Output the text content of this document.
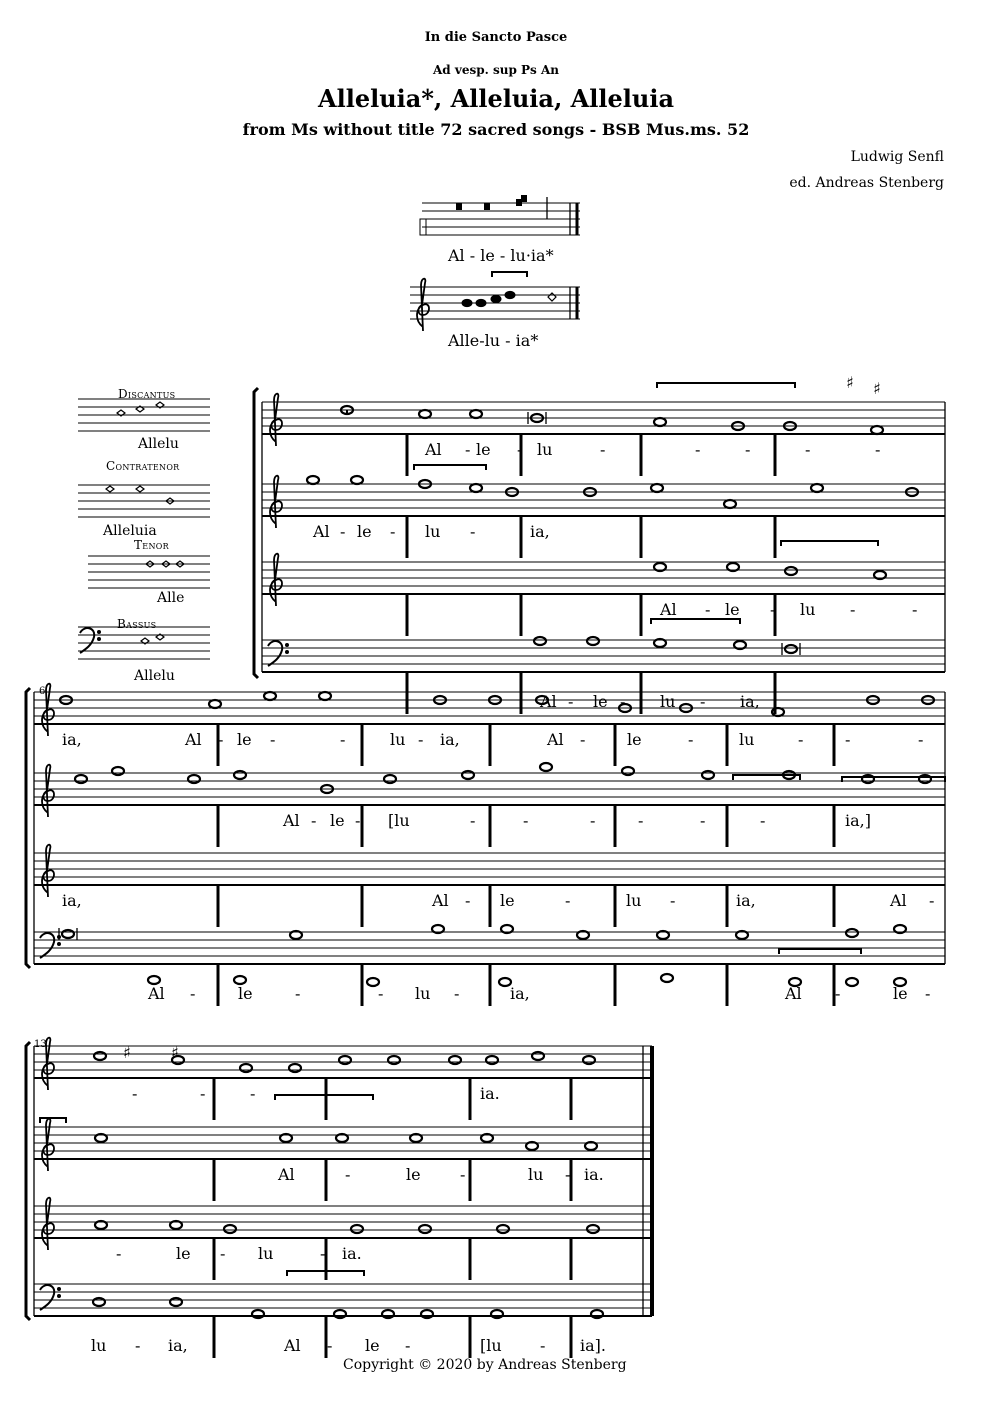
In die Sancto Pasce
Ad vesp. sup Ps An
Alleluia*, Alleluia, Alleluia
from Ms without title 72 sacred songs - BSB Mus.ms. 52
Ludwig Senfl
ed. Andreas Stenberg
Al - le - lu·ia*
Alle-lu - ia*
Discantus
Allelu
Contratenor
Alleluia
Tenor
Alle
Bassus
Allelu
6
13
♯ ♯
♯	♯
Al - le - lu	-	-	-	-	-
Al - le - lu -	ia,
Al - le - lu -	-
Al - le - lu - ia,
ia,	Al - le -	-	lu - ia,	Al -	le	-	lu	-	-	-
Al - le - [lu	-	-	-	-	-	-	ia,]
ia,	Al - le	-	lu -	ia,	Al -
Al -	le	-	- lu -	ia,	Al -	le -
-	-	-	-	ia.
Al	-	le -	lu - ia.
-	le - lu	- ia.
lu - ia,	Al - le -	[lu - ia].
Copyright © 2020 by Andreas Stenberg
